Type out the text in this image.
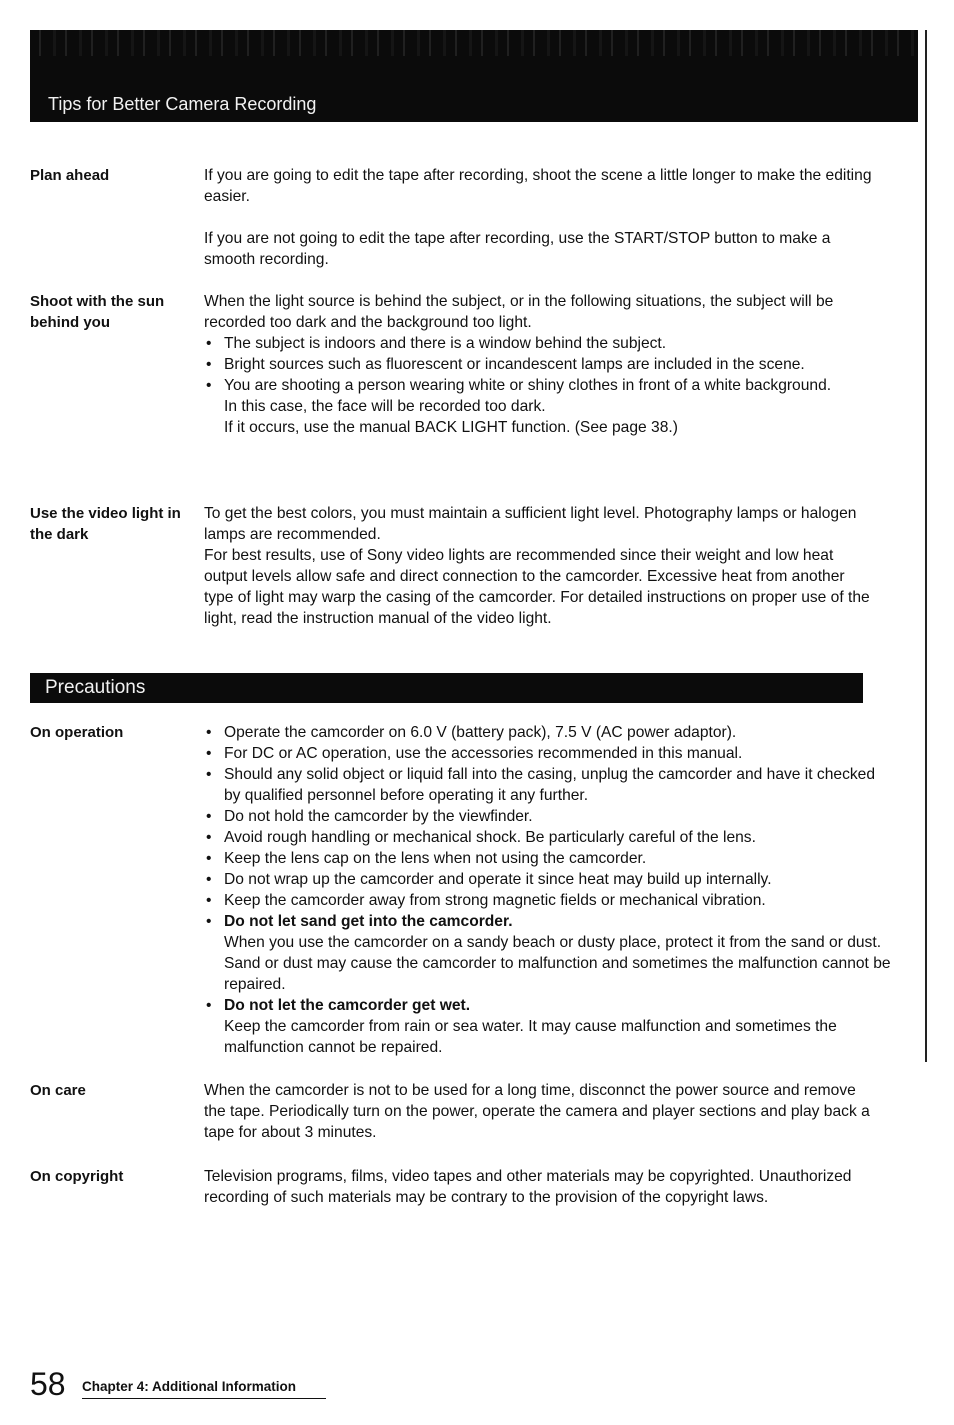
Tips for Better Camera Recording
Plan ahead	If you are going to edit the tape after recording, shoot the scene a little longer to make the editing easier.

If you are not going to edit the tape after recording, use the START/STOP button to make a smooth recording.

Shoot with the sun behind you

When the light source is behind the subject, or in the following situations, the subject will be recorded too dark and the background too light.

• The subject is indoors and there is a window behind the subject.
• Bright sources such as fluorescent or incandescent lamps are included in the scene.
• You are shooting a person wearing white or shiny clothes in front of a white background.
In this case, the face will be recorded too dark.
If it occurs, use the manual BACK LIGHT function. (See page 38.)
Use the video light in the dark

To get the best colors, you must maintain a sufficient light level. Photography lamps or halogen lamps are recommended.

For best results, use of Sony video lights are recommended since their weight and low heat output levels allow safe and direct connection to the camcorder. Excessive heat from another type of light may warp the casing of the camcorder. For detailed instructions on proper use of the light, read the instruction manual of the video light.

Precautions
On operation
•	Operate the camcorder on 6.0 V (battery pack), 7.5 V (AC power adaptor).
• For DC or AC operation, use the accessories recommended in this manual.
• Should any solid object or liquid fall into the casing, unplug the camcorder and have it checked by qualified personnel before operating it any further.
• Do not hold the camcorder by the viewfinder.
• Avoid rough handling or mechanical shock. Be particularly careful of the lens.
• Keep the lens cap on the lens when not using the camcorder.
• Do not wrap up the camcorder and operate it since heat may build up internally.
• Keep the camcorder away from strong magnetic fields or mechanical vibration.
• Do not let sand get into the camcorder.
When you use the camcorder on a sandy beach or dusty place, protect it from the sand or dust. Sand or dust may cause the camcorder to malfunction and sometimes the malfunction cannot be repaired.
• Do not let the camcorder get wet.
Keep the camcorder from rain or sea water. It may cause malfunction and sometimes the malfunction cannot be repaired.
On care	When the camcorder is not to be used for a long time, disconnct the power source and remove the tape. Periodically turn on the power, operate the camera and player sections and play back a tape for about 3 minutes.

On copyright	Television programs, films, video tapes and other materials may be copyrighted. Unauthorized recording of such materials may be contrary to the provision of the copyright laws.

58 Chapter 4: Additional Information
